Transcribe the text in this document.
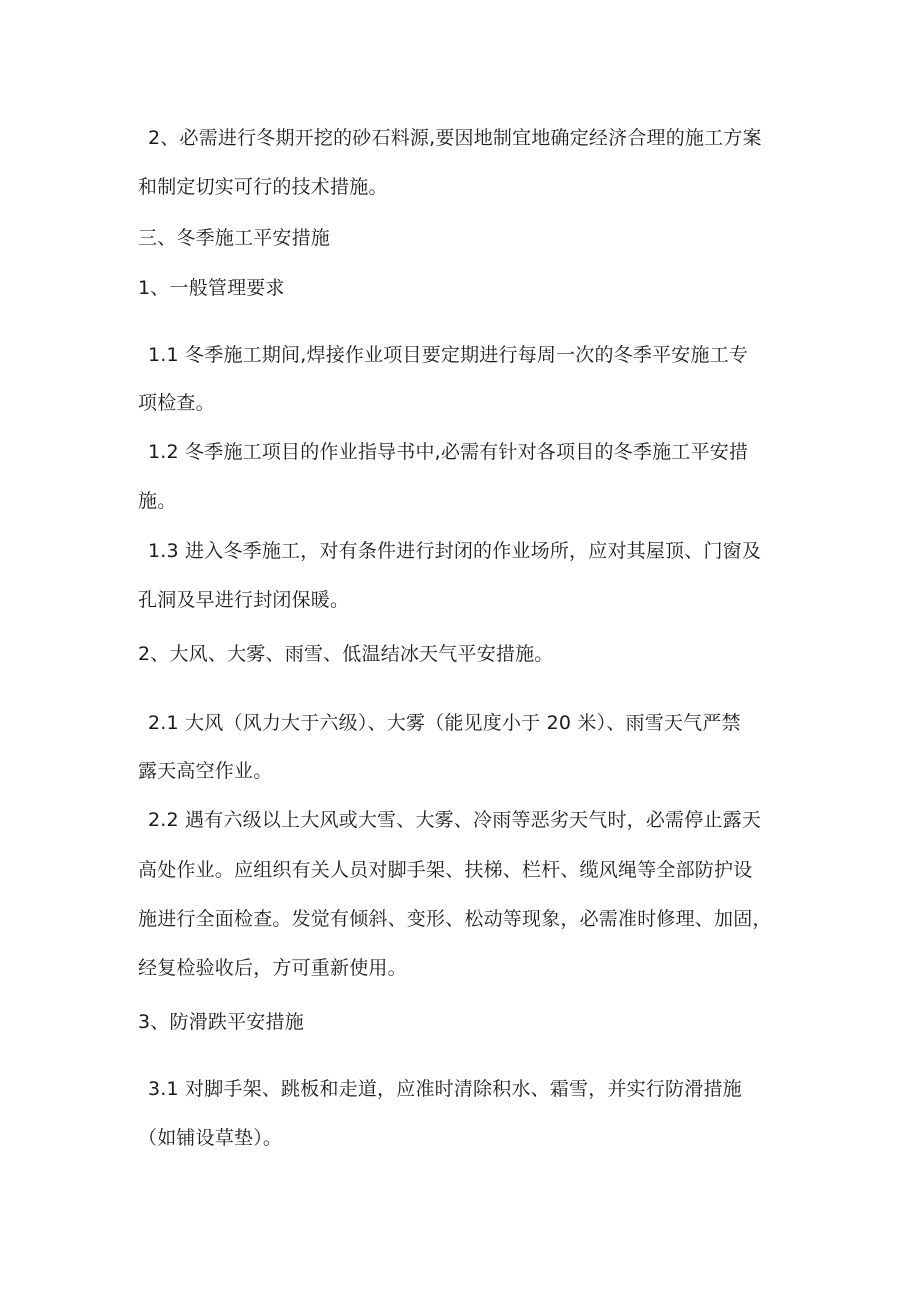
2、必需进行冬期开挖的砂石料源,要因地制宜地确定经济合理的施工方案
和制定切实可行的技术措施。
三、冬季施工平安措施
1、一般管理要求
1.1 冬季施工期间,焊接作业项目要定期进行每周一次的冬季平安施工专
项检查。
1.2 冬季施工项目的作业指导书中,必需有针对各项目的冬季施工平安措
施。
1.3 进入冬季施工，对有条件进行封闭的作业场所，应对其屋顶、门窗及
孔洞及早进行封闭保暖。
2、大风、大雾、雨雪、低温结冰天气平安措施。
2.1 大风（风力大于六级）、大雾（能见度小于 20 米）、雨雪天气严禁
露天高空作业。
2.2 遇有六级以上大风或大雪、大雾、冷雨等恶劣天气时，必需停止露天
高处作业。应组织有关人员对脚手架、扶梯、栏杆、缆风绳等全部防护设
施进行全面检查。发觉有倾斜、变形、松动等现象，必需准时修理、加固，
经复检验收后，方可重新使用。
3、防滑跌平安措施
3.1 对脚手架、跳板和走道，应准时清除积水、霜雪，并实行防滑措施
（如铺设草垫）。
